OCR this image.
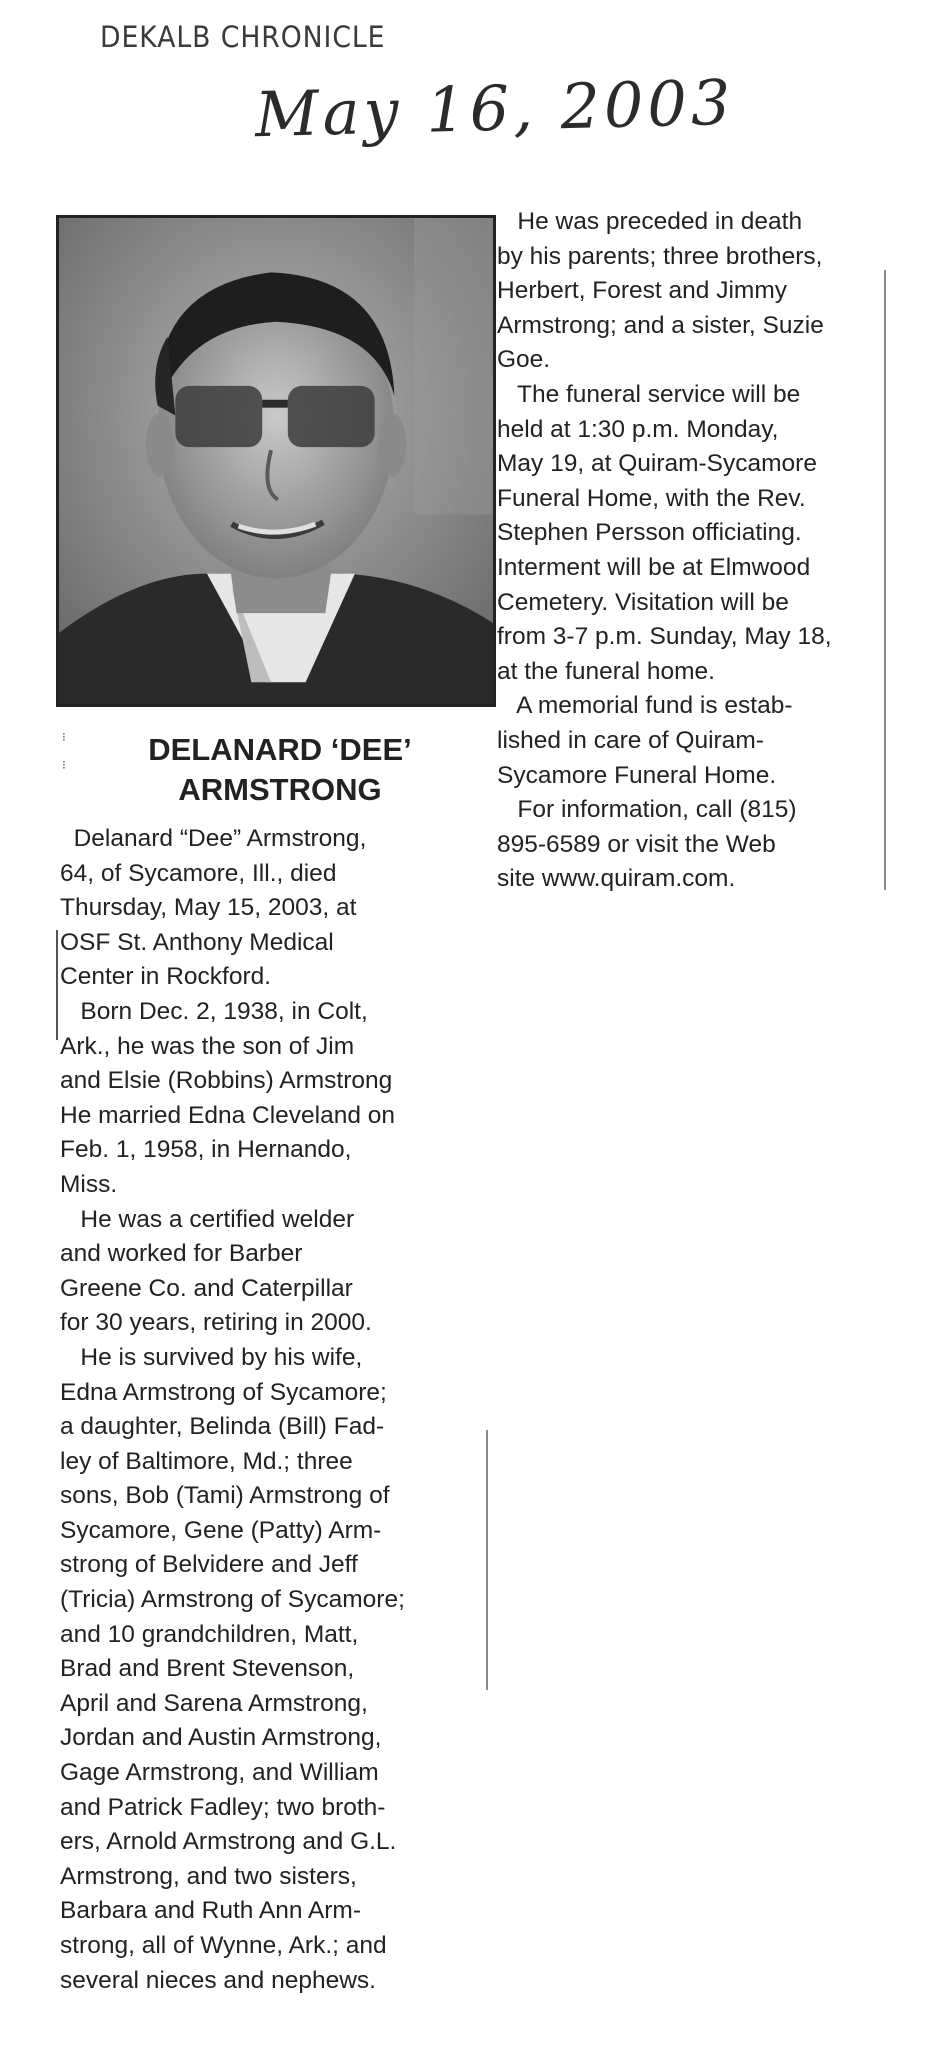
DEKALB CHRONICLE
May 16, 2003
⁝

⁝	DELANARD ‘DEE’
ARMSTRONG
Delanard “Dee” Armstrong,
64, of Sycamore, Ill., died
Thursday, May 15, 2003, at
OSF St. Anthony Medical
Center in Rockford.
Born Dec. 2, 1938, in Colt,
Ark., he was the son of Jim
and Elsie (Robbins) Armstrong
He married Edna Cleveland on
Feb. 1, 1958, in Hernando,
Miss.
He was a certified welder
and worked for Barber
Greene Co. and Caterpillar
for 30 years, retiring in 2000.
He is survived by his wife,
Edna Armstrong of Sycamore;
a daughter, Belinda (Bill) Fad-
ley of Baltimore, Md.; three
sons, Bob (Tami) Armstrong of
Sycamore, Gene (Patty) Arm-
strong of Belvidere and Jeff
(Tricia) Armstrong of Sycamore;
and 10 grandchildren, Matt,
Brad and Brent Stevenson,
April and Sarena Armstrong,
Jordan and Austin Armstrong,
Gage Armstrong, and William
and Patrick Fadley; two broth-
ers, Arnold Armstrong and G.L.
Armstrong, and two sisters,
Barbara and Ruth Ann Arm-
strong, all of Wynne, Ark.; and
several nieces and nephews.
He was preceded in death
by his parents; three brothers,
Herbert, Forest and Jimmy
Armstrong; and a sister, Suzie
Goe.
The funeral service will be
held at 1:30 p.m. Monday,
May 19, at Quiram-Sycamore
Funeral Home, with the Rev.
Stephen Persson officiating.
Interment will be at Elmwood
Cemetery. Visitation will be
from 3-7 p.m. Sunday, May 18,
at the funeral home.
A memorial fund is estab-
lished in care of Quiram-
Sycamore Funeral Home.
For information, call (815)
895-6589 or visit the Web
site www.quiram.com.
